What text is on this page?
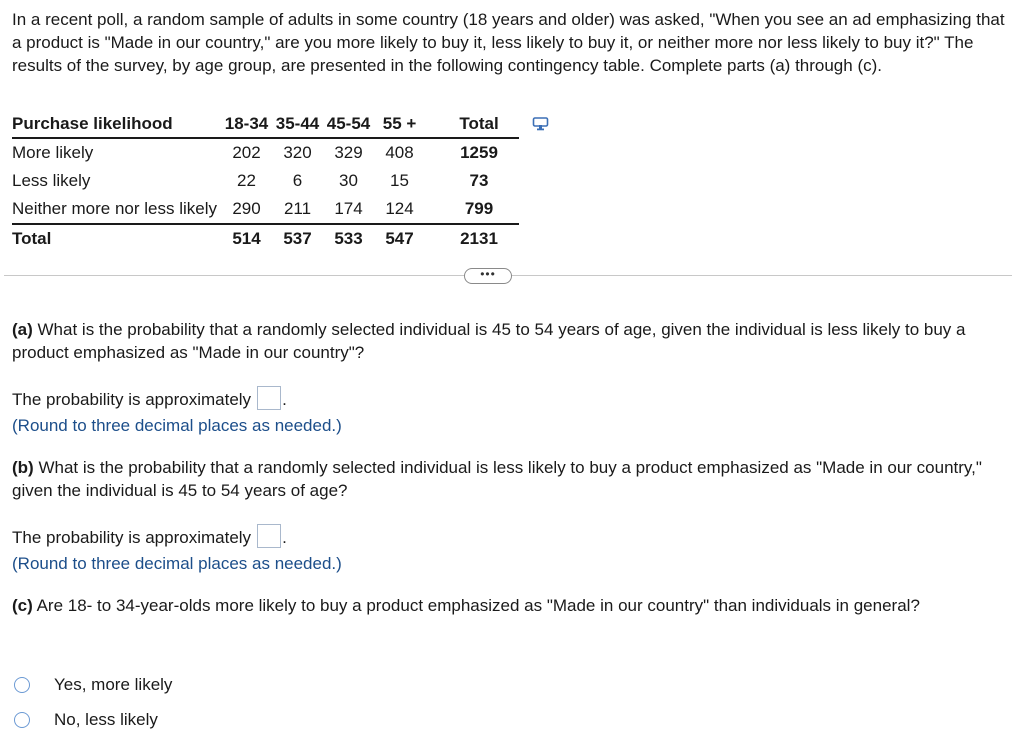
In a recent poll, a random sample of adults in some country (18 years and older) was asked, "When you see an ad emphasizing that a product is "Made in our country," are you more likely to buy it, less likely to buy it, or neither more nor less likely to buy it?" The results of the survey, by age group, are presented in the following contingency table. Complete parts (a) through (c).

Purchase likelihood	18-34	35-44	45-54	55 +	Total
More likely	202	320	329	408	1259
Less likely	22	6	30	15	73
Neither more nor less likely	290	211	174	124	799
Total	514	537	533	547	2131
•••

(a) What is the probability that a randomly selected individual is 45 to 54 years of age, given the individual is less likely to buy a product emphasized as "Made in our country"?

The probability is approximately .
(Round to three decimal places as needed.)

(b) What is the probability that a randomly selected individual is less likely to buy a product emphasized as "Made in our country," given the individual is 45 to 54 years of age?

The probability is approximately .
(Round to three decimal places as needed.)

(c) Are 18- to 34-year-olds more likely to buy a product emphasized as "Made in our country" than individuals in general?

Yes, more likely
No, less likely
